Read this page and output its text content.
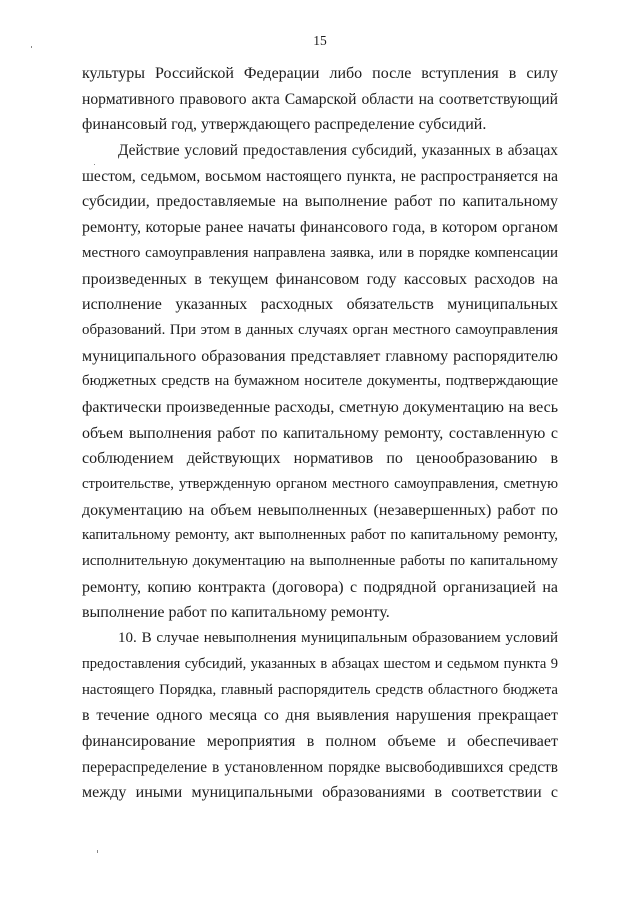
15
культуры Российской Федерации либо после вступления в силу
нормативного правового акта Самарской области на соответствующий
финансовый год, утверждающего распределение субсидий.
Действие условий предоставления субсидий, указанных в абзацах
шестом, седьмом, восьмом настоящего пункта, не распространяется на
субсидии, предоставляемые на выполнение работ по капитальному
ремонту, которые ранее начаты финансового года, в котором органом
местного самоуправления направлена заявка, или в порядке компенсации
произведенных в текущем финансовом году кассовых расходов на
исполнение указанных расходных обязательств муниципальных
образований. При этом в данных случаях орган местного самоуправления
муниципального образования представляет главному распорядителю
бюджетных средств на бумажном носителе документы, подтверждающие
фактически произведенные расходы, сметную документацию на весь
объем выполнения работ по капитальному ремонту, составленную с
соблюдением действующих нормативов по ценообразованию в
строительстве, утвержденную органом местного самоуправления, сметную
документацию на объем невыполненных (незавершенных) работ по
капитальному ремонту, акт выполненных работ по капитальному ремонту,
исполнительную документацию на выполненные работы по капитальному
ремонту, копию контракта (договора) с подрядной организацией на
выполнение работ по капитальному ремонту.
10. В случае невыполнения муниципальным образованием условий
предоставления субсидий, указанных в абзацах шестом и седьмом пункта 9
настоящего Порядка, главный распорядитель средств областного бюджета
в течение одного месяца со дня выявления нарушения прекращает
финансирование мероприятия в полном объеме и обеспечивает
перераспределение в установленном порядке высвободившихся средств
между иными муниципальными образованиями в соответствии с
